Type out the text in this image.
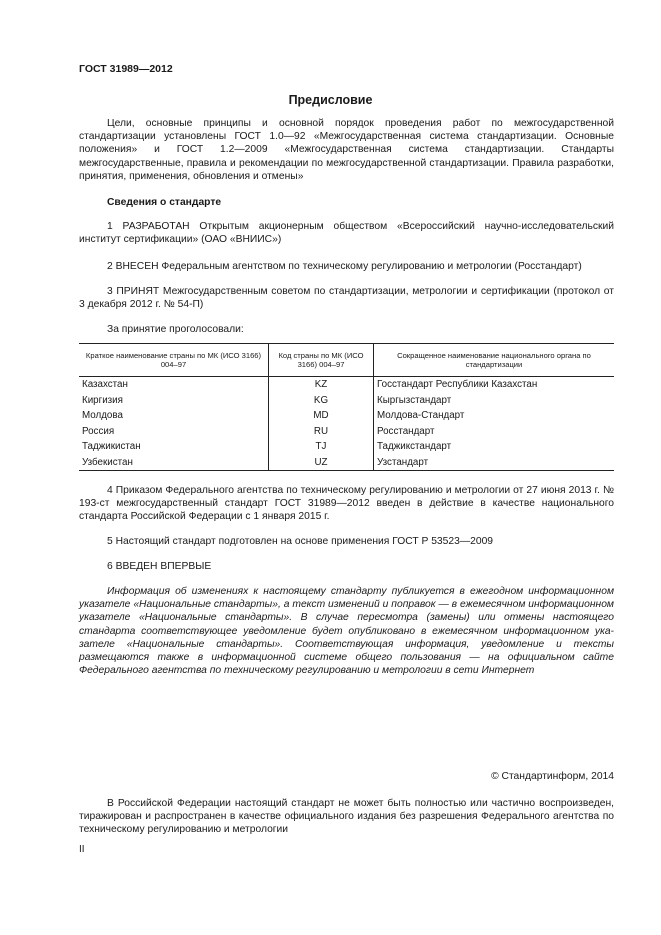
ГОСТ 31989—2012
Предисловие
Цели, основные принципы и основной порядок проведения работ по межгосударственной стандартизации установлены ГОСТ 1.0—92 «Межгосударственная система стандартизации. Основные положения» и ГОСТ 1.2—2009 «Межгосударственная система стандартизации. Стандарты межгосударственные, правила и рекомендации по межгосударственной стандартизации. Правила разработки, принятия, применения, обновления и отмены»
Сведения о стандарте
1 РАЗРАБОТАН Открытым акционерным обществом «Всероссийский научно-исследовательский институт сертификации» (ОАО «ВНИИС»)
2 ВНЕСЕН Федеральным агентством по техническому регулированию и метрологии (Росстандарт)
3 ПРИНЯТ Межгосударственным советом по стандартизации, метрологии и сертификации (протокол от 3 декабря 2012 г. № 54-П)
За принятие проголосовали:
Краткое наименование страны по МК (ИСО 3166) 004–97	Код страны по МК (ИСО 3166) 004–97	Сокращенное наименование национального органа по стандартизации
Казахстан	KZ	Госстандарт Республики Казахстан
Киргизия	KG	Кыргызстандарт
Молдова	MD	Молдова-Стандарт
Россия	RU	Росстандарт
Таджикистан	TJ	Таджикстандарт
Узбекистан	UZ	Узстандарт
4 Приказом Федерального агентства по техническому регулированию и метрологии от 27 июня 2013 г. № 193-ст межгосударственный стандарт ГОСТ 31989—2012 введен в действие в качестве национального стандарта Российской Федерации с 1 января 2015 г.
5 Настоящий стандарт подготовлен на основе применения ГОСТ Р 53523—2009
6 ВВЕДЕН ВПЕРВЫЕ
Информация об изменениях к настоящему стандарту публикуется в ежегодном информационном указателе «Национальные стандарты», а текст изменений и поправок — в ежемесячном информационном указателе «Национальные стандарты». В случае пересмотра (замены) или отмены настоящего стандарта соответствующее уведомление будет опубликовано в ежемесячном информационном ука-зателе «Национальные стандарты». Соответствующая информация, уведомление и тексты размещаются также в информационной системе общего пользования — на официальном сайте Федерального агентства по техническому регулированию и метрологии в сети Интернет
© Стандартинформ, 2014
В Российской Федерации настоящий стандарт не может быть полностью или частично воспроизведен, тиражирован и распространен в качестве официального издания без разрешения Федерального агентства по техническому регулированию и метрологии
II
